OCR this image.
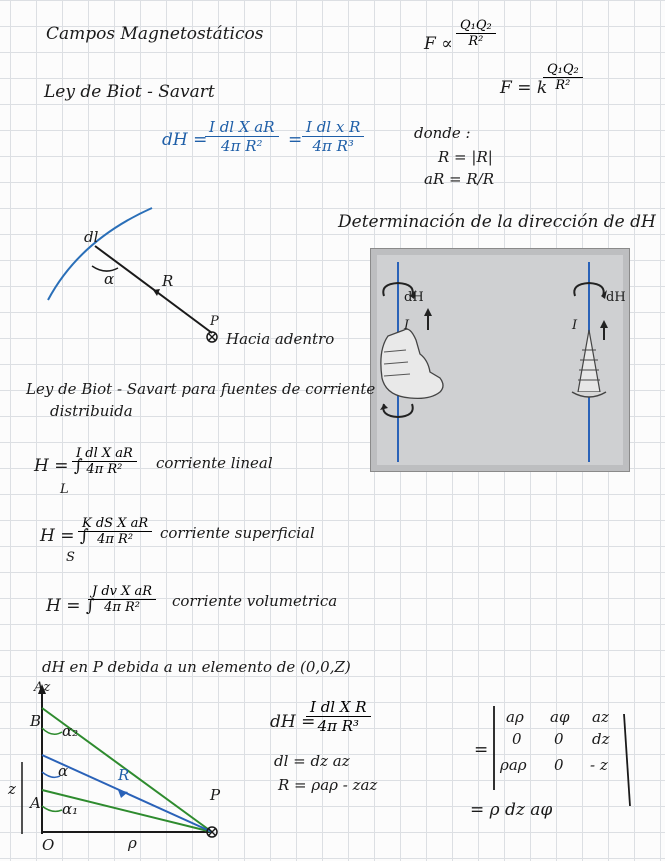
Campos Magnetostáticos	$F \propto \frac{\text{Q₁Q₂}}{\text{R²}}$
F = k
$\frac{\text{Q₁Q₂}}{\text{R²}}$
Ley de Biot - Savart
dH =
$\frac{\text{I dl X aR}}{\text{4π R²}} = \frac{\text{I dl x R}}{\text{4π R³}}$	donde :
R = |R|
aR = R/R
dl
α	R
P
Hacia adentro
Determinación de la dirección de dH
dH	dH
I	I
Ley de Biot - Savart para fuentes de corriente
distribuida
H = ∫
L
$\frac{\text{I dl X aR}}{\text{4π R²}}$ corriente lineal
H = ∫
S
$\frac{\text{K dS X aR}}{\text{4π R²}}$ corriente superficial
H = ∫
$\frac{\text{J dv X aR}}{\text{4π R²}}$ corriente volumetrica
dH en P debida a un elemento de (0,0,Z)
Az
B
A
α₂
α
α₁
R
z
O	ρ
P
dH =
$\frac{\text{I dl X R}}{\text{4π R³}}$
dl = dz az
R = ρaρ - zaz
=
aρ aφ az
0 0 dz
ρaρ 0 - z
= ρ dz aφ
